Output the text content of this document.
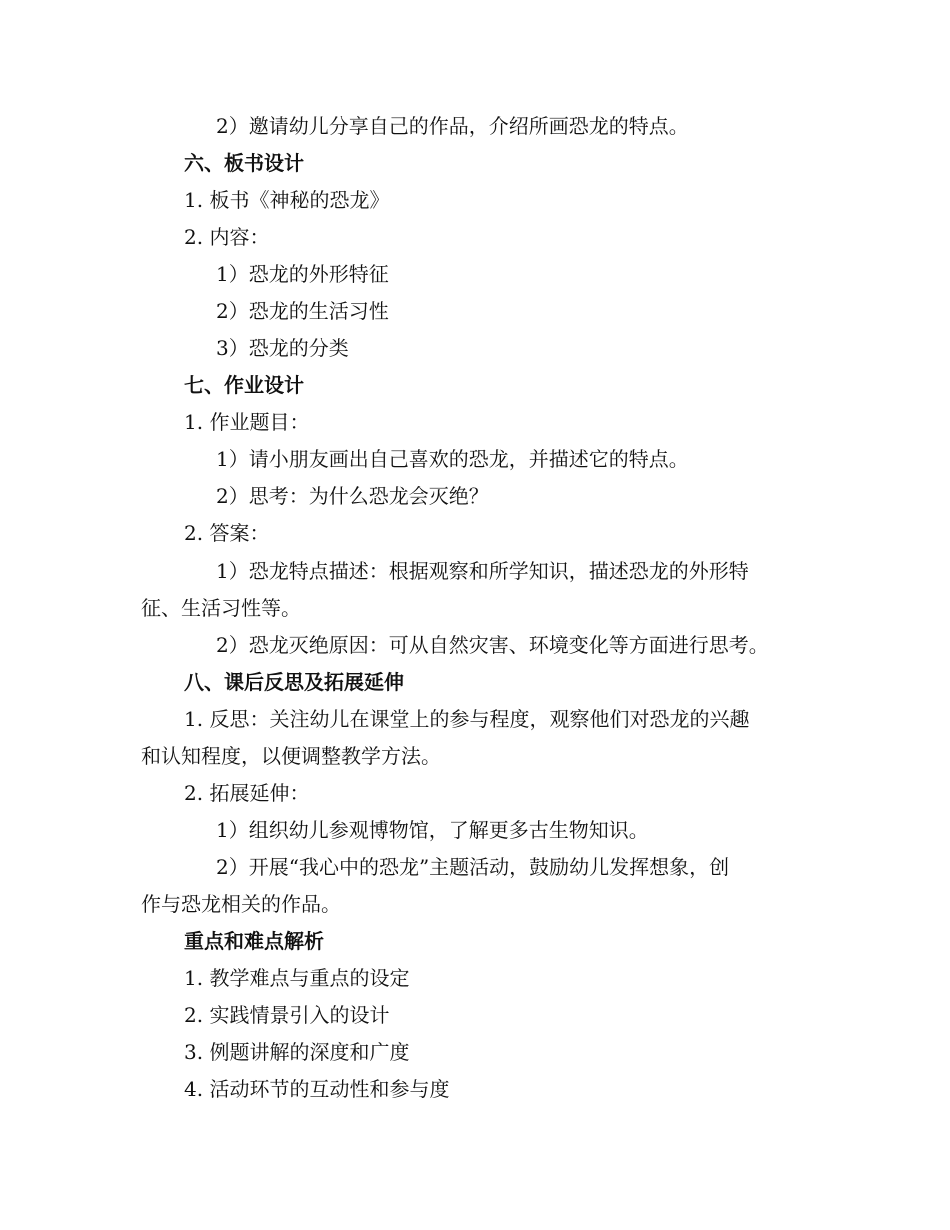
2）邀请幼儿分享自己的作品，介绍所画恐龙的特点。
六、板书设计
1. 板书《神秘的恐龙》
2. 内容：
1）恐龙的外形特征
2）恐龙的生活习性
3）恐龙的分类
七、作业设计
1. 作业题目：
1）请小朋友画出自己喜欢的恐龙，并描述它的特点。
2）思考：为什么恐龙会灭绝？
2. 答案：
1）恐龙特点描述：根据观察和所学知识，描述恐龙的外形特
征、生活习性等。
2）恐龙灭绝原因：可从自然灾害、环境变化等方面进行思考。
八、课后反思及拓展延伸
1. 反思：关注幼儿在课堂上的参与程度，观察他们对恐龙的兴趣
和认知程度，以便调整教学方法。
2. 拓展延伸：
1）组织幼儿参观博物馆，了解更多古生物知识。
2）开展“我心中的恐龙”主题活动，鼓励幼儿发挥想象，创
作与恐龙相关的作品。
重点和难点解析
1. 教学难点与重点的设定
2. 实践情景引入的设计
3. 例题讲解的深度和广度
4. 活动环节的互动性和参与度
